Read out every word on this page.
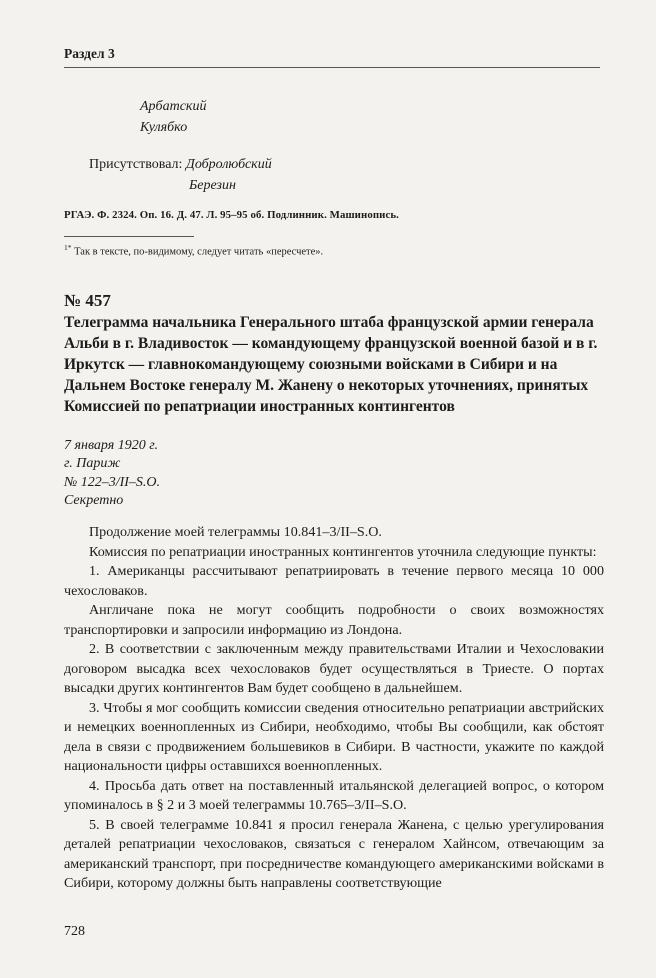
Раздел 3
Арбатский
Кулябко
Присутствовал: Добролюбский
Березин
РГАЭ. Ф. 2324. Оп. 16. Д. 47. Л. 95–95 об. Подлинник. Машинопись.
$^{1*}$ Так в тексте, по-видимому, следует читать «пересчете».
№ 457
Телеграмма начальника Генерального штаба французской армии генерала Альби в г. Владивосток — командующему французской военной базой и в г. Иркутск — главнокомандующему союзными войсками в Сибири и на Дальнем Востоке генералу М. Жанену о некоторых уточнениях, принятых Комиссией по репатриации иностранных контингентов
7 января 1920 г.
г. Париж
№ 122–3/II–S.O.
Секретно

Продолжение моей телеграммы 10.841–3/II–S.O.

Комиссия по репатриации иностранных контингентов уточнила следующие пункты:

1. Американцы рассчитывают репатриировать в течение первого месяца 10 000 чехословаков.

Англичане пока не могут сообщить подробности о своих возможностях транспортировки и запросили информацию из Лондона.

2. В соответствии с заключенным между правительствами Италии и Чехословакии договором высадка всех чехословаков будет осуществляться в Триесте. О портах высадки других контингентов Вам будет сообщено в дальнейшем.

3. Чтобы я мог сообщить комиссии сведения относительно репатриации австрийских и немецких военнопленных из Сибири, необходимо, чтобы Вы сообщили, как обстоят дела в связи с продвижением большевиков в Сибири. В частности, укажите по каждой национальности цифры оставшихся военнопленных.

4. Просьба дать ответ на поставленный итальянской делегацией вопрос, о котором упоминалось в § 2 и 3 моей телеграммы 10.765–3/II–S.O.

5. В своей телеграмме 10.841 я просил генерала Жанена, с целью урегулирования деталей репатриации чехословаков, связаться с генералом Хайнсом, отвечающим за американский транспорт, при посредничестве командующего американскими войсками в Сибири, которому должны быть направлены соответствующие

728
